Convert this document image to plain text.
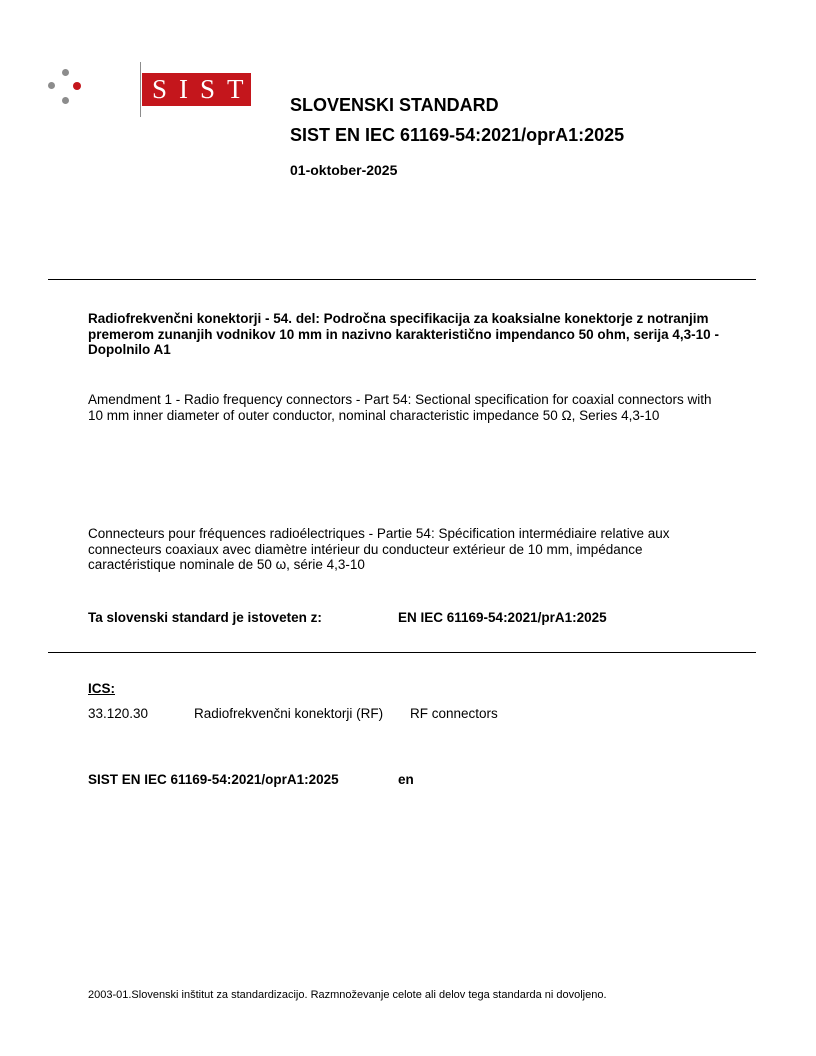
SIST
SLOVENSKI STANDARD
SIST EN IEC 61169-54:2021/oprA1:2025
01-oktober-2025
Radiofrekvenčni konektorji - 54. del: Področna specifikacija za koaksialne konektorje z notranjim premerom zunanjih vodnikov 10 mm in nazivno karakteristično impendanco 50 ohm, serija 4,3-10 - Dopolnilo A1
Amendment 1 - Radio frequency connectors - Part 54: Sectional specification for coaxial connectors with 10 mm inner diameter of outer conductor, nominal characteristic impedance 50 Ω, Series 4,3-10
Connecteurs pour fréquences radioélectriques - Partie 54: Spécification intermédiaire relative aux connecteurs coaxiaux avec diamètre intérieur du conducteur extérieur de 10 mm, impédance caractéristique nominale de 50 ω, série 4,3-10
Ta slovenski standard je istoveten z:	EN IEC 61169-54:2021/prA1:2025
ICS:
33.120.30	Radiofrekvenčni konektorji (RF)	RF connectors
SIST EN IEC 61169-54:2021/oprA1:2025	en
2003-01.Slovenski inštitut za standardizacijo. Razmnoževanje celote ali delov tega standarda ni dovoljeno.
